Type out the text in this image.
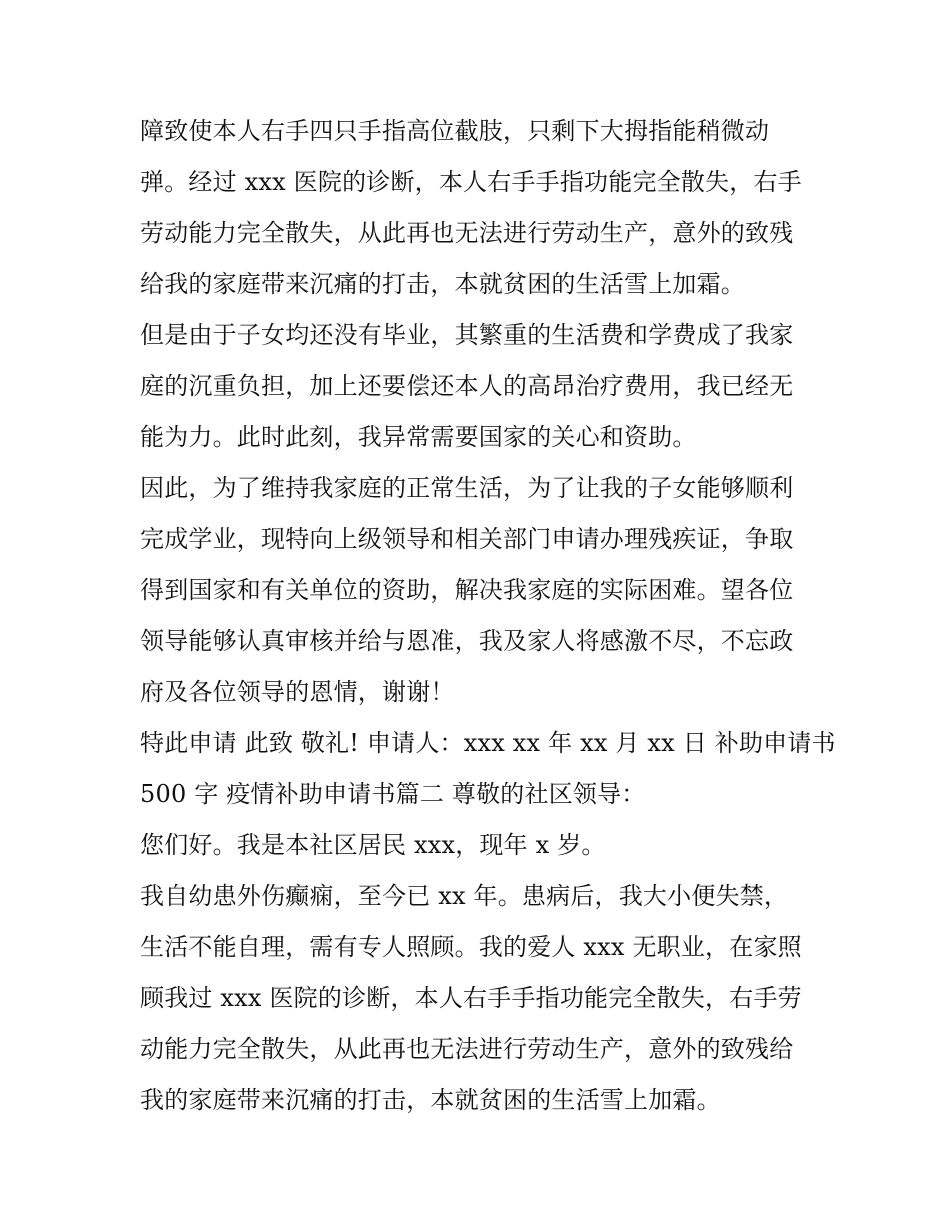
障致使本人右手四只手指高位截肢，只剩下大拇指能稍微动
弹。经过 xxx 医院的诊断，本人右手手指功能完全散失，右手
劳动能力完全散失，从此再也无法进行劳动生产，意外的致残
给我的家庭带来沉痛的打击，本就贫困的生活雪上加霜。
但是由于子女均还没有毕业，其繁重的生活费和学费成了我家
庭的沉重负担，加上还要偿还本人的高昂治疗费用，我已经无
能为力。此时此刻，我异常需要国家的关心和资助。
因此，为了维持我家庭的正常生活，为了让我的子女能够顺利
完成学业，现特向上级领导和相关部门申请办理残疾证，争取
得到国家和有关单位的资助，解决我家庭的实际困难。望各位
领导能够认真审核并给与恩准，我及家人将感激不尽，不忘政
府及各位领导的恩情，谢谢！
特此申请 此致 敬礼! 申请人：xxx xx 年 xx 月 xx 日 补助申请书
500 字 疫情补助申请书篇二 尊敬的社区领导：
您们好。我是本社区居民 xxx，现年 x 岁。
我自幼患外伤癫痫，至今已 xx 年。患病后，我大小便失禁，
生活不能自理，需有专人照顾。我的爱人 xxx 无职业，在家照
顾我过 xxx 医院的诊断，本人右手手指功能完全散失，右手劳
动能力完全散失，从此再也无法进行劳动生产，意外的致残给
我的家庭带来沉痛的打击，本就贫困的生活雪上加霜。
